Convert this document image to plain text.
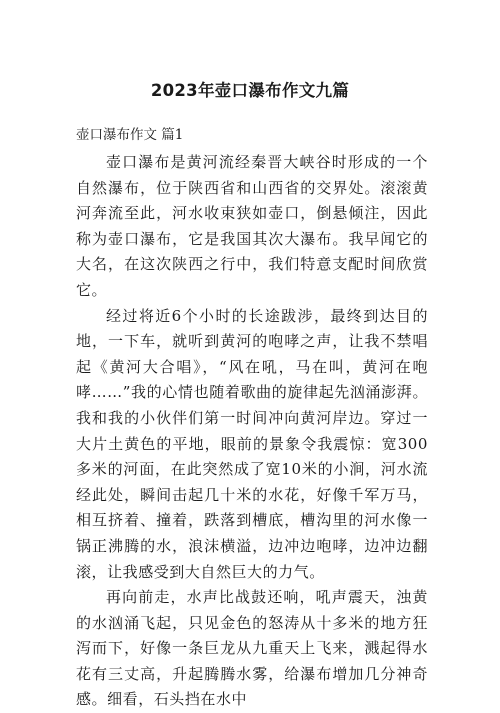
2023年壶口瀑布作文九篇
壶口瀑布作文 篇1

壶口瀑布是黄河流经秦晋大峡谷时形成的一个自然瀑布，位于陕西省和山西省的交界处。滚滚黄河奔流至此，河水收束狭如壶口，倒悬倾注，因此称为壶口瀑布，它是我国其次大瀑布。我早闻它的大名，在这次陕西之行中，我们特意支配时间欣赏它。

经过将近6个小时的长途跋涉，最终到达目的地，一下车，就听到黄河的咆哮之声，让我不禁唱起《黄河大合唱》，“风在吼，马在叫，黄河在咆哮……”我的心情也随着歌曲的旋律起先汹涌澎湃。我和我的小伙伴们第一时间冲向黄河岸边。穿过一大片土黄色的平地，眼前的景象令我震惊：宽300多米的河面，在此突然成了宽10米的小涧，河水流经此处，瞬间击起几十米的水花，好像千军万马，相互挤着、撞着，跌落到槽底，槽沟里的河水像一锅正沸腾的水，浪沫横溢，边冲边咆哮，边冲边翻滚，让我感受到大自然巨大的力气。

再向前走，水声比战鼓还响，吼声震天，浊黄的水汹涌飞起，只见金色的怒涛从十多米的地方狂泻而下，好像一条巨龙从九重天上飞来，溅起得水花有三丈高，升起腾腾水雾，给瀑布增加几分神奇感。细看，石头挡在水中
